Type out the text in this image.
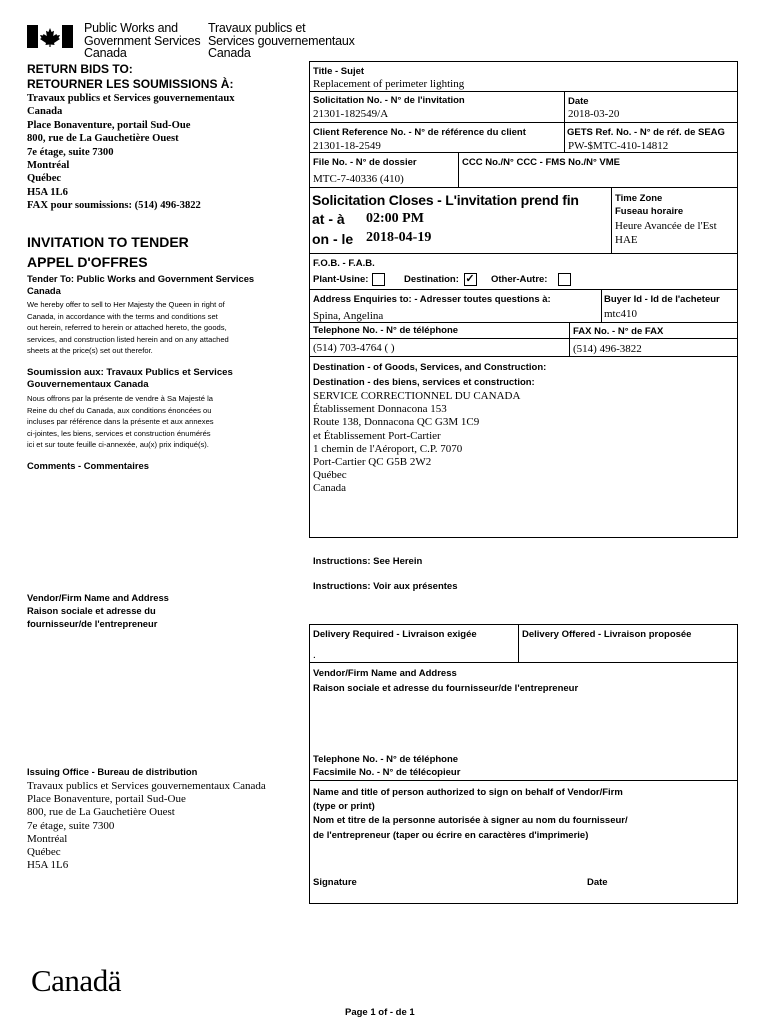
Public Works and
Government Services
Canada
Travaux publics et
Services gouvernementaux
Canada
RETURN BIDS TO:
RETOURNER LES SOUMISSIONS À:
Travaux publics et Services gouvernementaux
Canada
Place Bonaventure, portail Sud-Oue
800, rue de La Gauchetière Ouest
7e étage, suite 7300
Montréal
Québec
H5A 1L6
FAX pour soumissions: (514) 496-3822
INVITATION TO TENDER
APPEL D'OFFRES
Tender To: Public Works and Government Services
Canada
We hereby offer to sell to Her Majesty the Queen in right of
Canada, in accordance with the terms and conditions set
out herein, referred to herein or attached hereto, the goods,
services, and construction listed herein and on any attached
sheets at the price(s) set out therefor.
Soumission aux: Travaux Publics et Services
Gouvernementaux Canada
Nous offrons par la présente de vendre à Sa Majesté la
Reine du chef du Canada, aux conditions énoncées ou
incluses par référence dans la présente et aux annexes
ci-jointes, les biens, services et construction énumérés
ici et sur toute feuille ci-annexée, au(x) prix indiqué(s).
Comments - Commentaires
Vendor/Firm Name and Address
Raison sociale et adresse du
fournisseur/de l'entrepreneur
Issuing Office - Bureau de distribution
Travaux publics et Services gouvernementaux Canada
Place Bonaventure, portail Sud-Oue
800, rue de La Gauchetière Ouest
7e étage, suite 7300
Montréal
Québec
H5A 1L6
Title - Sujet
Replacement of perimeter lighting
Solicitation No. - N° de l'invitation
21301-182549/A
Date
2018-03-20
Client Reference No. - N° de référence du client
21301-18-2549
GETS Ref. No. - N° de réf. de SEAG
PW-$MTC-410-14812
File No. - N° de dossier
MTC-7-40336 (410)
CCC No./N° CCC - FMS No./N° VME
Solicitation Closes - L'invitation prend fin
at - à 02:00 PM
on - le 2018-04-19
Time Zone
Fuseau horaire
Heure Avancée de l'Est
HAE
F.O.B. - F.A.B.
Plant-Usine:	Destination: ✓ Other-Autre:
Address Enquiries to: - Adresser toutes questions à:
Spina, Angelina
Buyer Id - Id de l'acheteur
mtc410
Telephone No. - N° de téléphone
(514) 703-4764 ( )
FAX No. - N° de FAX
(514) 496-3822
Destination - of Goods, Services, and Construction:
Destination - des biens, services et construction:
SERVICE CORRECTIONNEL DU CANADA
Établissement Donnacona 153
Route 138, Donnacona QC G3M 1C9
et Établissement Port-Cartier
1 chemin de l'Aéroport, C.P. 7070
Port-Cartier QC G5B 2W2
Québec
Canada
Instructions: See Herein
Instructions: Voir aux présentes
Delivery Required - Livraison exigée
.
Delivery Offered - Livraison proposée
Vendor/Firm Name and Address
Raison sociale et adresse du fournisseur/de l'entrepreneur
Telephone No. - N° de téléphone
Facsimile No. - N° de télécopieur
Name and title of person authorized to sign on behalf of Vendor/Firm
(type or print)
Nom et titre de la personne autorisée à signer au nom du fournisseur/
de l'entrepreneur (taper ou écrire en caractères d'imprimerie)
Signature	Date
Canadä
Page 1 of - de 1
